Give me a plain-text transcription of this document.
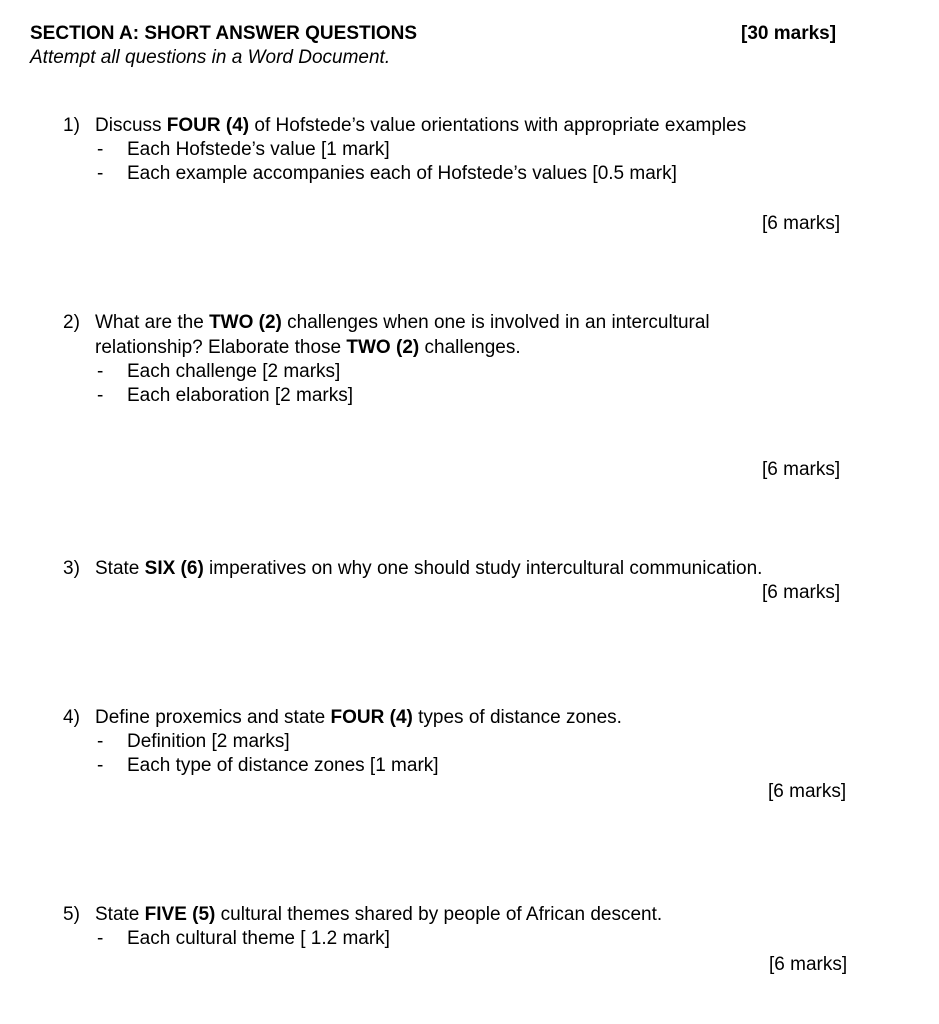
SECTION A: SHORT ANSWER QUESTIONS	[30 marks]
Attempt all questions in a Word Document.
1) Discuss FOUR (4) of Hofstede’s value orientations with appropriate examples
- Each Hofstede’s value [1 mark]
- Each example accompanies each of Hofstede’s values [0.5 mark]
[6 marks]
2) What are the TWO (2) challenges when one is involved in an intercultural
relationship? Elaborate those TWO (2) challenges.
- Each challenge [2 marks]
- Each elaboration [2 marks]
[6 marks]
3) State SIX (6) imperatives on why one should study intercultural communication.
[6 marks]
4) Define proxemics and state FOUR (4) types of distance zones.
- Definition [2 marks]
- Each type of distance zones [1 mark]
[6 marks]
5) State FIVE (5) cultural themes shared by people of African descent.
- Each cultural theme [ 1.2 mark]
[6 marks]
